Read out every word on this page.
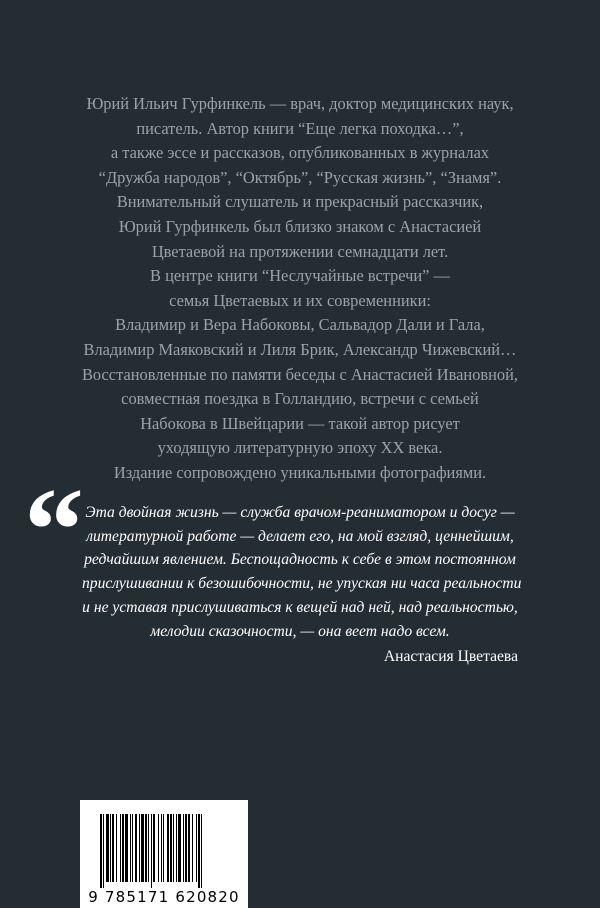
Юрий Ильич Гурфинкель — врач, доктор медицинских наук,
писатель. Автор книги “Еще легка походка…”,
а также эссе и рассказов, опубликованных в журналах
“Дружба народов”, “Октябрь”, “Русская жизнь”, “Знамя”.
Внимательный слушатель и прекрасный рассказчик,
Юрий Гурфинкель был близко знаком с Анастасией
Цветаевой на протяжении семнадцати лет.
В центре книги “Неслучайные встречи” —
семья Цветаевых и их современники:
Владимир и Вера Набоковы, Сальвадор Дали и Гала,
Владимир Маяковский и Лиля Брик, Александр Чижевский…
Восстановленные по памяти беседы с Анастасией Ивановной,
совместная поездка в Голландию, встречи с семьей
Набокова в Швейцарии — такой автор рисует
уходящую литературную эпоху XX века.
Издание сопровождено уникальными фотографиями.
“ Эта двойная жизнь — служба врачом-реаниматором и досуг —
литературной работе — делает его, на мой взгляд, ценнейшим,
редчайшим явлением. Беспощадность к себе в этом постоянном
прислушивании к безошибочности, не упуская ни часа реальности
и не уставая прислушиваться к вещей над ней, над реальностью,
мелодии сказочности, — она веет надо всем.
Анастасия Цветаева
9 785171 620820
